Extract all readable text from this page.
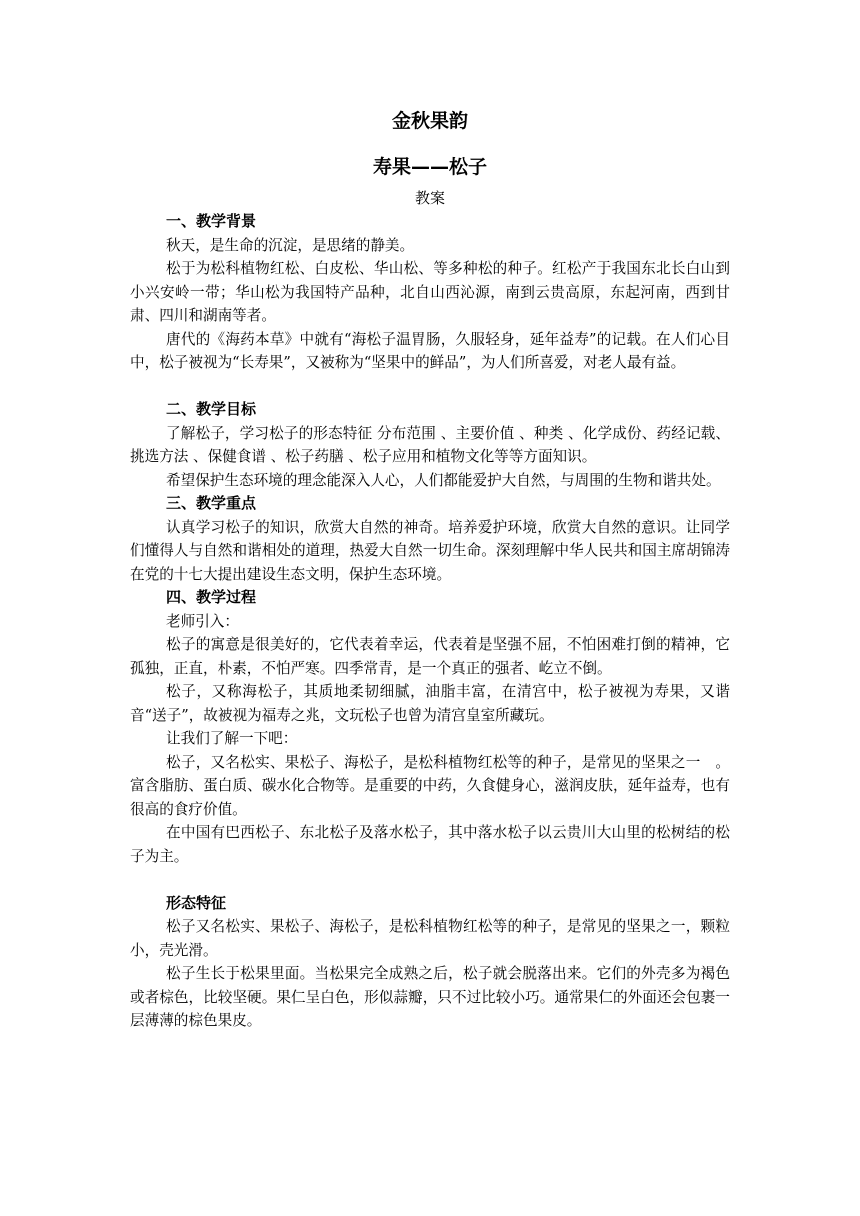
金秋果韵
寿果——松子
教案
一、教学背景

秋天，是生命的沉淀，是思绪的静美。

松于为松科植物红松、白皮松、华山松、等多种松的种子。红松产于我国东北长白山到小兴安岭一带；华山松为我国特产品种，北自山西沁源，南到云贵高原，东起河南，西到甘肃、四川和湖南等者。

唐代的《海药本草》中就有“海松子温胃肠，久服轻身，延年益寿”的记载。在人们心目中，松子被视为“长寿果”，又被称为“坚果中的鲜品”，为人们所喜爱，对老人最有益。

二、教学目标

了解松子，学习松子的形态特征 分布范围 、主要价值 、种类 、化学成份、药经记载、挑选方法 、保健食谱 、松子药膳 、松子应用和植物文化等等方面知识。

希望保护生态环境的理念能深入人心，人们都能爱护大自然，与周围的生物和谐共处。

三、教学重点

认真学习松子的知识，欣赏大自然的神奇。培养爱护环境，欣赏大自然的意识。让同学们懂得人与自然和谐相处的道理，热爱大自然一切生命。深刻理解中华人民共和国主席胡锦涛在党的十七大提出建设生态文明，保护生态环境。

四、教学过程

老师引入：

松子的寓意是很美好的，它代表着幸运，代表着是坚强不屈，不怕困难打倒的精神，它孤独，正直，朴素，不怕严寒。四季常青，是一个真正的强者、屹立不倒。

松子，又称海松子，其质地柔韧细腻，油脂丰富，在清宫中，松子被视为寿果，又谐音“送子”，故被视为福寿之兆，文玩松子也曾为清宫皇室所藏玩。

让我们了解一下吧：

松子，又名松实、果松子、海松子，是松科植物红松等的种子，是常见的坚果之一　。富含脂肪、蛋白质、碳水化合物等。是重要的中药，久食健身心，滋润皮肤，延年益寿，也有很高的食疗价值。

在中国有巴西松子、东北松子及落水松子，其中落水松子以云贵川大山里的松树结的松子为主。

形态特征

松子又名松实、果松子、海松子，是松科植物红松等的种子，是常见的坚果之一，颗粒小，壳光滑。

松子生长于松果里面。当松果完全成熟之后，松子就会脱落出来。它们的外壳多为褐色或者棕色，比较坚硬。果仁呈白色，形似蒜瓣，只不过比较小巧。通常果仁的外面还会包裹一层薄薄的棕色果皮。
